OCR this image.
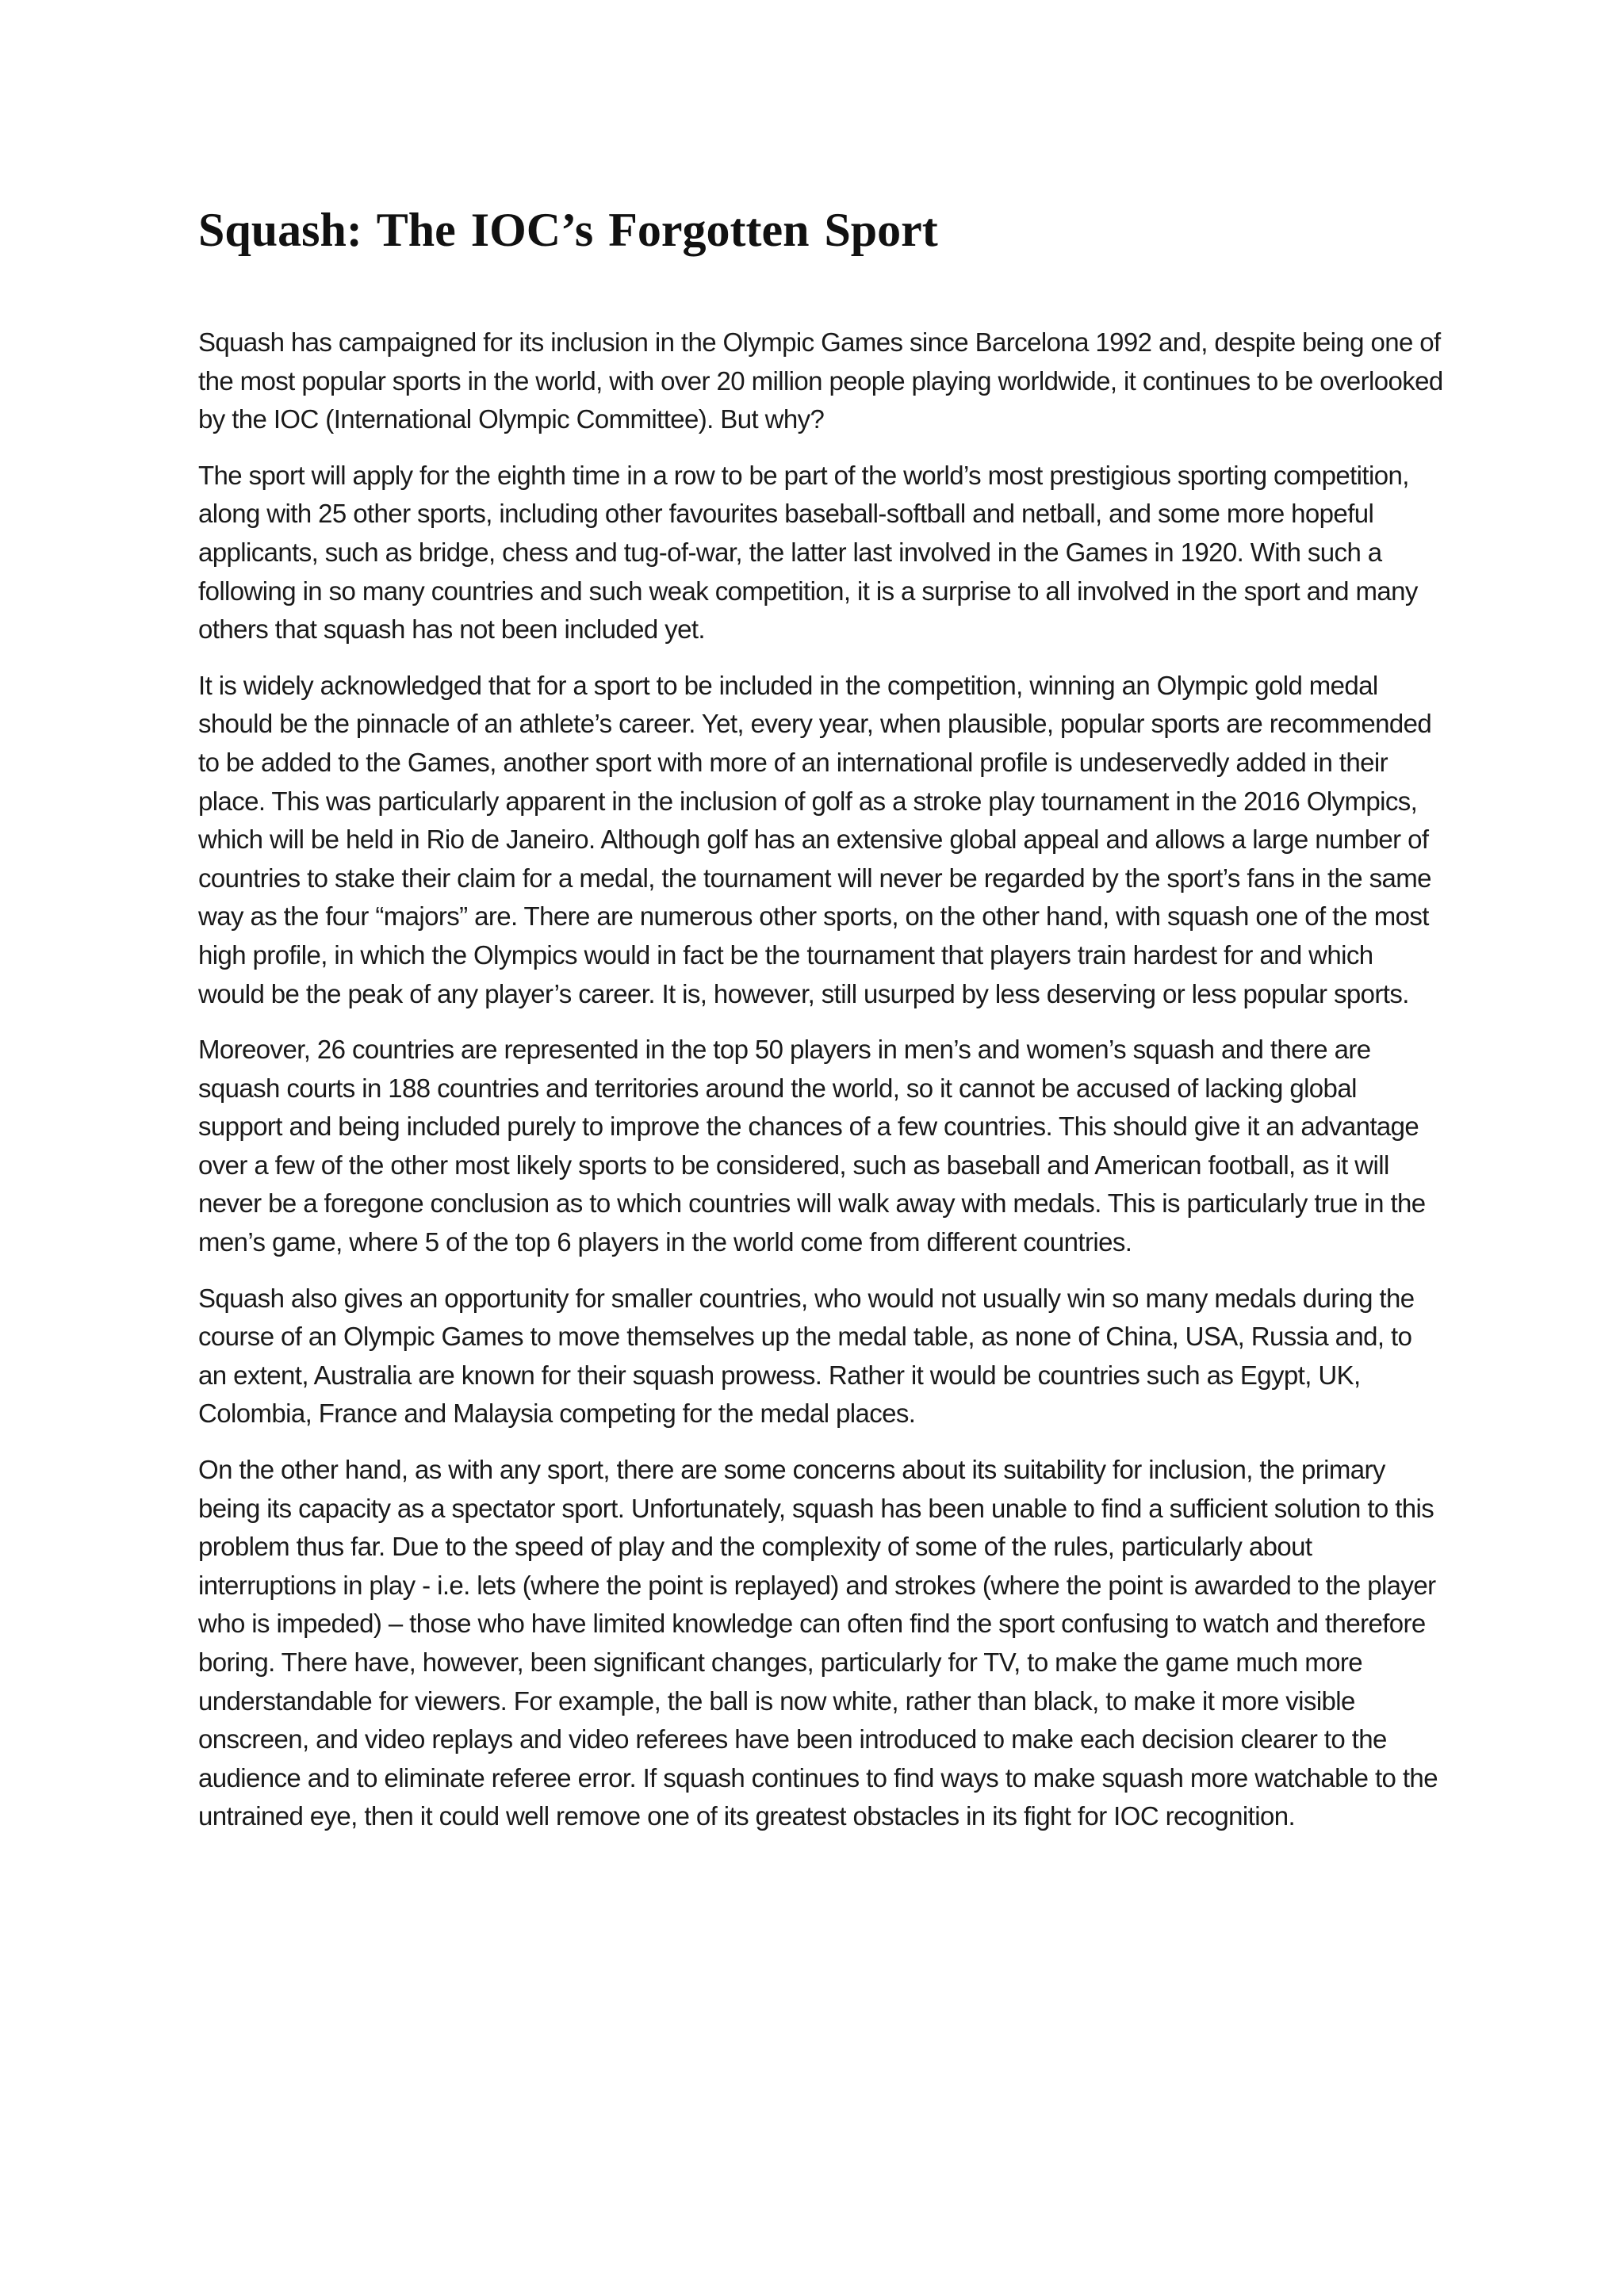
Squash: The IOC’s Forgotten Sport

Squash has campaigned for its inclusion in the Olympic Games since Barcelona 1992 and, despite being one of the most popular sports in the world, with over 20 million people playing worldwide, it continues to be overlooked by the IOC (International Olympic Committee). But why?

The sport will apply for the eighth time in a row to be part of the world’s most prestigious sporting competition, along with 25 other sports, including other favourites baseball-softball and netball, and some more hopeful applicants, such as bridge, chess and tug-of-war, the latter last involved in the Games in 1920. With such a following in so many countries and such weak competition, it is a surprise to all involved in the sport and many others that squash has not been included yet.

It is widely acknowledged that for a sport to be included in the competition, winning an Olympic gold medal should be the pinnacle of an athlete’s career. Yet, every year, when plausible, popular sports are recommended to be added to the Games, another sport with more of an international profile is undeservedly added in their place. This was particularly apparent in the inclusion of golf as a stroke play tournament in the 2016 Olympics, which will be held in Rio de Janeiro. Although golf has an extensive global appeal and allows a large number of countries to stake their claim for a medal, the tournament will never be regarded by the sport’s fans in the same way as the four “majors” are. There are numerous other sports, on the other hand, with squash one of the most high profile, in which the Olympics would in fact be the tournament that players train hardest for and which would be the peak of any player’s career. It is, however, still usurped by less deserving or less popular sports.

Moreover, 26 countries are represented in the top 50 players in men’s and women’s squash and there are squash courts in 188 countries and territories around the world, so it cannot be accused of lacking global support and being included purely to improve the chances of a few countries. This should give it an advantage over a few of the other most likely sports to be considered, such as baseball and American football, as it will never be a foregone conclusion as to which countries will walk away with medals. This is particularly true in the men’s game, where 5 of the top 6 players in the world come from different countries.

Squash also gives an opportunity for smaller countries, who would not usually win so many medals during the course of an Olympic Games to move themselves up the medal table, as none of China, USA, Russia and, to an extent, Australia are known for their squash prowess. Rather it would be countries such as Egypt, UK, Colombia, France and Malaysia competing for the medal places.

On the other hand, as with any sport, there are some concerns about its suitability for inclusion, the primary being its capacity as a spectator sport. Unfortunately, squash has been unable to find a sufficient solution to this problem thus far. Due to the speed of play and the complexity of some of the rules, particularly about interruptions in play - i.e. lets (where the point is replayed) and strokes (where the point is awarded to the player who is impeded) – those who have limited knowledge can often find the sport confusing to watch and therefore boring. There have, however, been significant changes, particularly for TV, to make the game much more understandable for viewers. For example, the ball is now white, rather than black, to make it more visible onscreen, and video replays and video referees have been introduced to make each decision clearer to the audience and to eliminate referee error. If squash continues to find ways to make squash more watchable to the untrained eye, then it could well remove one of its greatest obstacles in its fight for IOC recognition.
